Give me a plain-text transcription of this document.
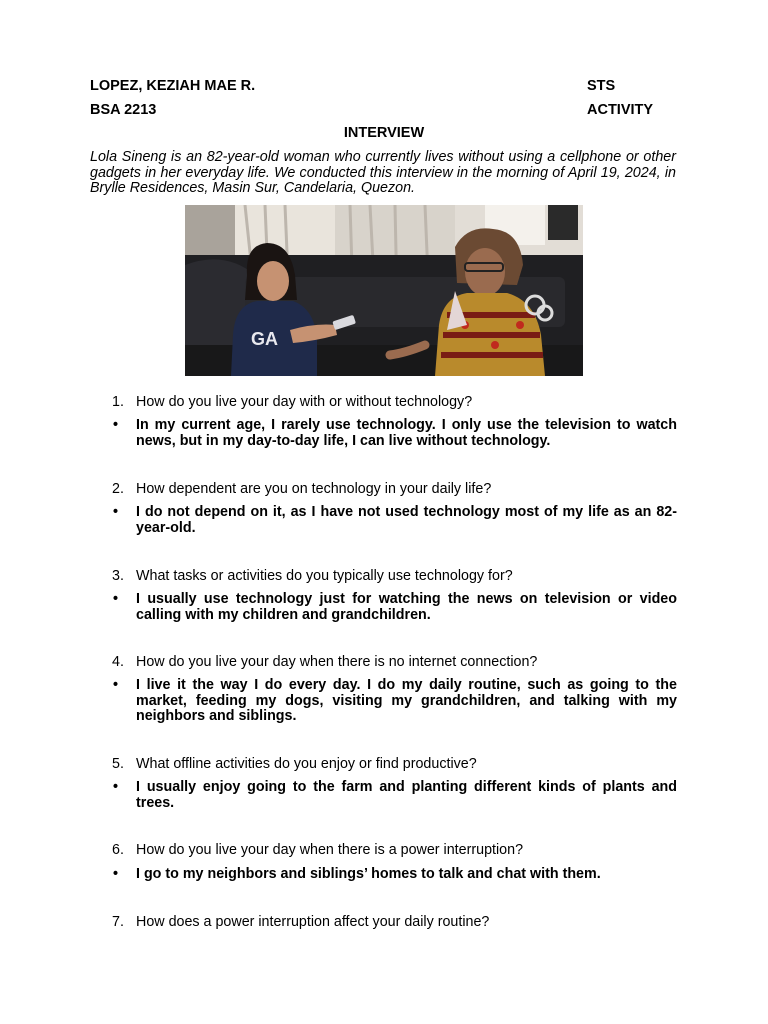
LOPEZ, KEZIAH MAE R.
BSA 2213
STS
ACTIVITY
INTERVIEW
Lola Sineng is an 82-year-old woman who currently lives without using a cellphone or other gadgets in her everyday life. We conducted this interview in the morning of April 19, 2024, in Brylle Residences, Masin Sur, Candelaria, Quezon.
GA
1. How do you live your day with or without technology?
•	In my current age, I rarely use technology. I only use the television to watch news, but in my day-to-day life, I can live without technology.
2. How dependent are you on technology in your daily life?
•	I do not depend on it, as I have not used technology most of my life as an 82-year-old.
3. What tasks or activities do you typically use technology for?
•	I usually use technology just for watching the news on television or video calling with my children and grandchildren.
4. How do you live your day when there is no internet connection?
•	I live it the way I do every day. I do my daily routine, such as going to the market, feeding my dogs, visiting my grandchildren, and talking with my neighbors and siblings.
5. What offline activities do you enjoy or find productive?
•	I usually enjoy going to the farm and planting different kinds of plants and trees.
6. How do you live your day when there is a power interruption?
•	I go to my neighbors and siblings’ homes to talk and chat with them.
7. How does a power interruption affect your daily routine?
